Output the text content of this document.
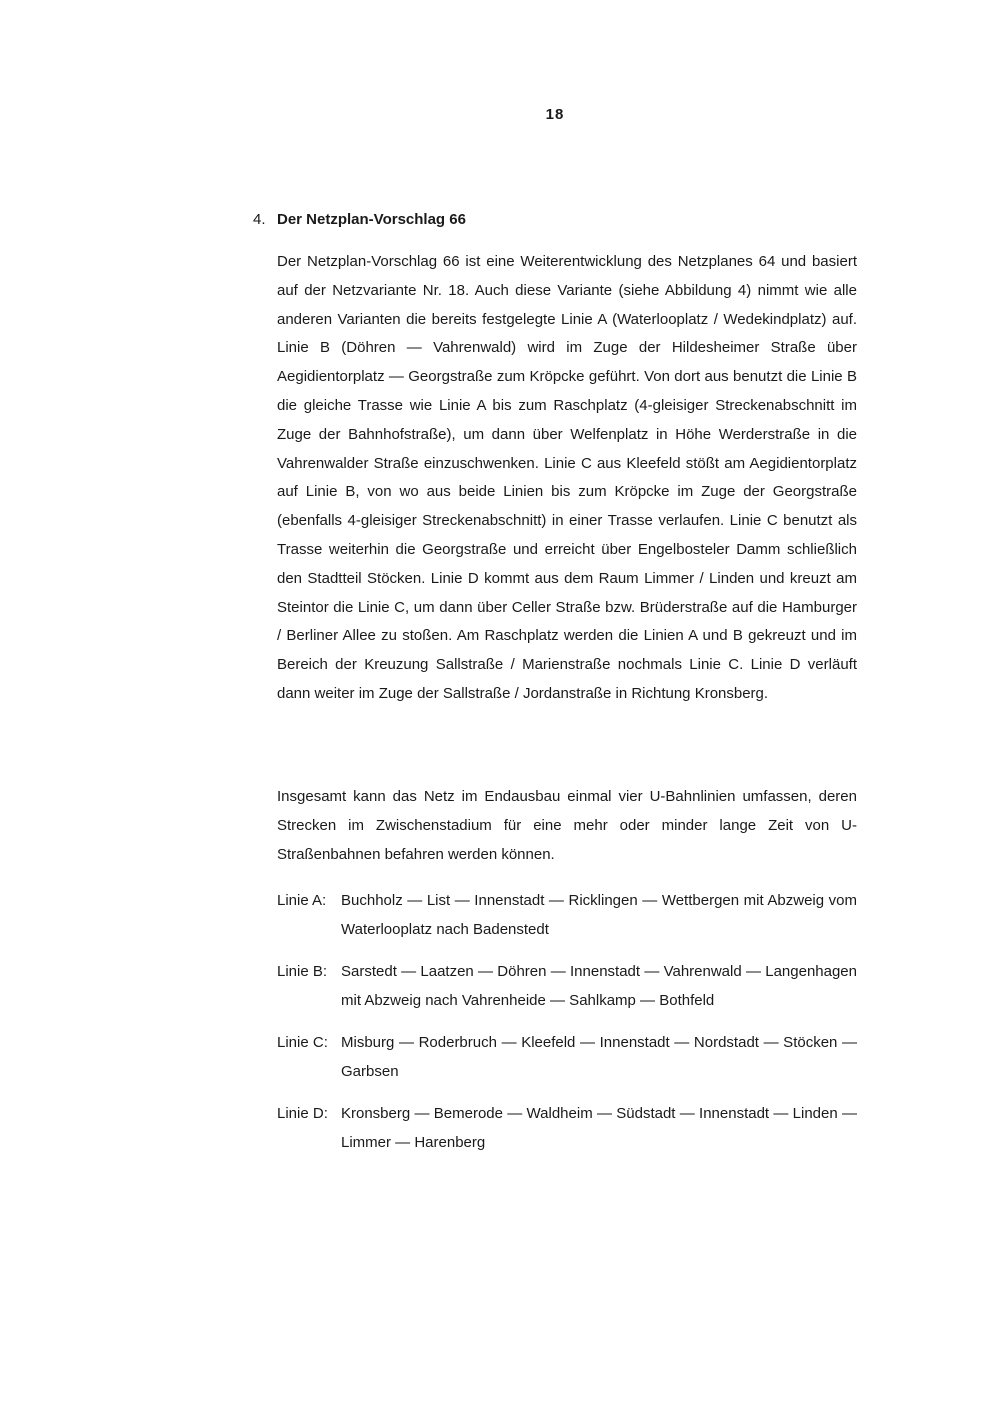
18
4. Der Netzplan-Vorschlag 66
Der Netzplan-Vorschlag 66 ist eine Weiterentwicklung des Netzplanes 64 und basiert auf der Netzvariante Nr. 18. Auch diese Variante (siehe Abbildung 4) nimmt wie alle anderen Varianten die bereits festgelegte Linie A (Waterlooplatz / Wedekindplatz) auf. Linie B (Döhren — Vahrenwald) wird im Zuge der Hildesheimer Straße über Aegidientorplatz — Georgstraße zum Kröpcke geführt. Von dort aus benutzt die Linie B die gleiche Trasse wie Linie A bis zum Raschplatz (4-gleisiger Streckenabschnitt im Zuge der Bahnhofstraße), um dann über Welfenplatz in Höhe Werderstraße in die Vahrenwalder Straße einzuschwenken. Linie C aus Kleefeld stößt am Aegidientorplatz auf Linie B, von wo aus beide Linien bis zum Kröpcke im Zuge der Georgstraße (ebenfalls 4-gleisiger Streckenabschnitt) in einer Trasse verlaufen. Linie C benutzt als Trasse weiterhin die Georgstraße und erreicht über Engelbosteler Damm schließlich den Stadtteil Stöcken. Linie D kommt aus dem Raum Limmer / Linden und kreuzt am Steintor die Linie C, um dann über Celler Straße bzw. Brüderstraße auf die Hamburger / Berliner Allee zu stoßen. Am Raschplatz werden die Linien A und B gekreuzt und im Bereich der Kreuzung Sallstraße / Marienstraße nochmals Linie C. Linie D verläuft dann weiter im Zuge der Sallstraße / Jordanstraße in Richtung Kronsberg.
Insgesamt kann das Netz im Endausbau einmal vier U-Bahnlinien umfassen, deren Strecken im Zwischenstadium für eine mehr oder minder lange Zeit von U-Straßenbahnen befahren werden können.
Linie A: Buchholz — List — Innenstadt — Ricklingen — Wettbergen mit Abzweig vom Waterlooplatz nach Badenstedt
Linie B: Sarstedt — Laatzen — Döhren — Innenstadt — Vahrenwald — Langenhagen mit Abzweig nach Vahrenheide — Sahlkamp — Bothfeld
Linie C: Misburg — Roderbruch — Kleefeld — Innenstadt — Nordstadt — Stöcken — Garbsen
Linie D: Kronsberg — Bemerode — Waldheim — Südstadt — Innenstadt — Linden — Limmer — Harenberg
